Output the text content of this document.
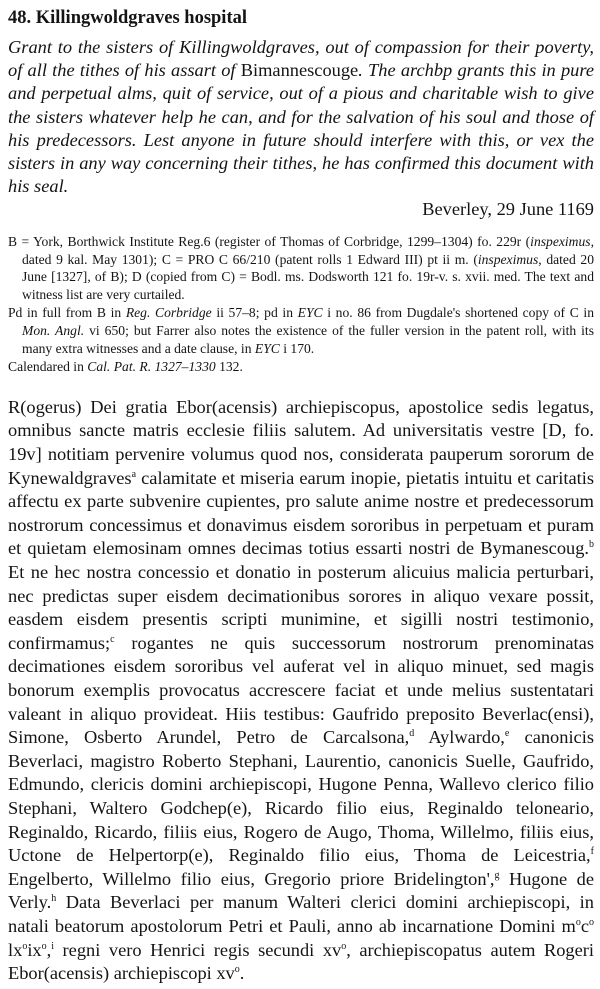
48. Killingwoldgraves hospital
Grant to the sisters of Killingwoldgraves, out of compassion for their poverty, of all the tithes of his assart of Bimannescouge. The archbp grants this in pure and perpetual alms, quit of service, out of a pious and charitable wish to give the sisters whatever help he can, and for the salvation of his soul and those of his predecessors. Lest anyone in future should interfere with this, or vex the sisters in any way concerning their tithes, he has confirmed this document with his seal.
Beverley, 29 June 1169
B = York, Borthwick Institute Reg.6 (register of Thomas of Corbridge, 1299–1304) fo. 229r (inspeximus, dated 9 kal. May 1301); C = PRO C 66/210 (patent rolls 1 Edward III) pt ii m. (inspeximus, dated 20 June [1327], of B); D (copied from C) = Bodl. ms. Dodsworth 121 fo. 19r-v. s. xvii. med. The text and witness list are very curtailed.
Pd in full from B in Reg. Corbridge ii 57–8; pd in EYC i no. 86 from Dugdale's shortened copy of C in Mon. Angl. vi 650; but Farrer also notes the existence of the fuller version in the patent roll, with its many extra witnesses and a date clause, in EYC i 170.
Calendared in Cal. Pat. R. 1327–1330 132.
R(ogerus) Dei gratia Ebor(acensis) archiepiscopus, apostolice sedis legatus, omnibus sancte matris ecclesie filiis salutem. Ad universitatis vestre [D, fo. 19v] notitiam pervenire volumus quod nos, considerata pauperum sororum de Kynewaldgraves$^a$ calamitate et miseria earum inopie, pietatis intuitu et caritatis affectu ex parte subvenire cupientes, pro salute anime nostre et predecessorum nostrorum concessimus et donavimus eisdem sororibus in perpetuam et puram et quietam elemosinam omnes decimas totius essarti nostri de Bymanescoug.$^b$ Et ne hec nostra concessio et donatio in posterum alicuius malicia perturbari, nec predictas super eisdem decimationibus sorores in aliquo vexare possit, easdem eisdem presentis scripti munimine, et sigilli nostri testimonio, confirmamus;$^c$ rogantes ne quis successorum nostrorum prenominatas decimationes eisdem sororibus vel auferat vel in aliquo minuet, sed magis bonorum exemplis provocatus accrescere faciat et unde melius sustentatari valeant in aliquo provideat. Hiis testibus: Gaufrido preposito Beverlac(ensi), Simone, Osberto Arundel, Petro de Carcalsona,$^d$ Aylwardo,$^e$ canonicis Beverlaci, magistro Roberto Stephani, Laurentio, canonicis Suelle, Gaufrido, Edmundo, clericis domini archiepiscopi, Hugone Penna, Wallevo clerico filio Stephani, Waltero Godchep(e), Ricardo filio eius, Reginaldo teloneario, Reginaldo, Ricardo, filiis eius, Rogero de Augo, Thoma, Willelmo, filiis eius, Uctone de Helpertorp(e), Reginaldo filio eius, Thoma de Leicestria,$^f$ Engelberto, Willelmo filio eius, Gregorio priore Bridelington',$^g$ Hugone de Verly.$^h$ Data Beverlaci per manum Walteri clerici domini archiepiscopi, in natali beatorum apostolorum Petri et Pauli, anno ab incarnatione Domini $m^oc^o$ $lx^oix^o,^i$ regni vero Henrici regis secundi $xv^o$, archiepiscopatus autem Rogeri Ebor(acensis) archiepiscopi $xv^o$.
